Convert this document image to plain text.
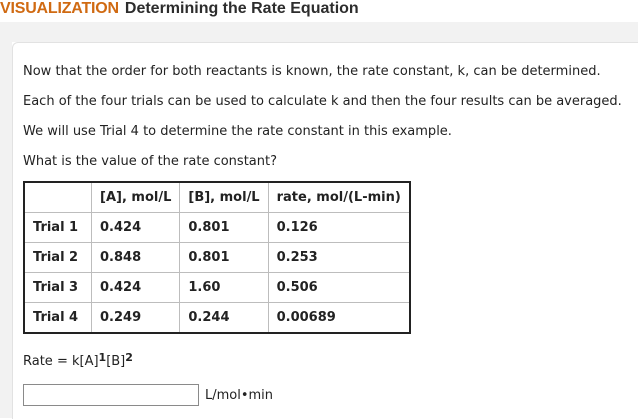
VISUALIZATION Determining the Rate Equation
Now that the order for both reactants is known, the rate constant, k, can be determined.
Each of the four trials can be used to calculate k and then the four results can be averaged.
We will use Trial 4 to determine the rate constant in this example.
What is the value of the rate constant?
	[A], mol/L	[B], mol/L	rate, mol/(L-min)
Trial 1	0.424	0.801	0.126
Trial 2	0.848	0.801	0.253
Trial 3	0.424	1.60	0.506
Trial 4	0.249	0.244	0.00689
Rate = $k[A]^1[B]^2$
L/mol•min
